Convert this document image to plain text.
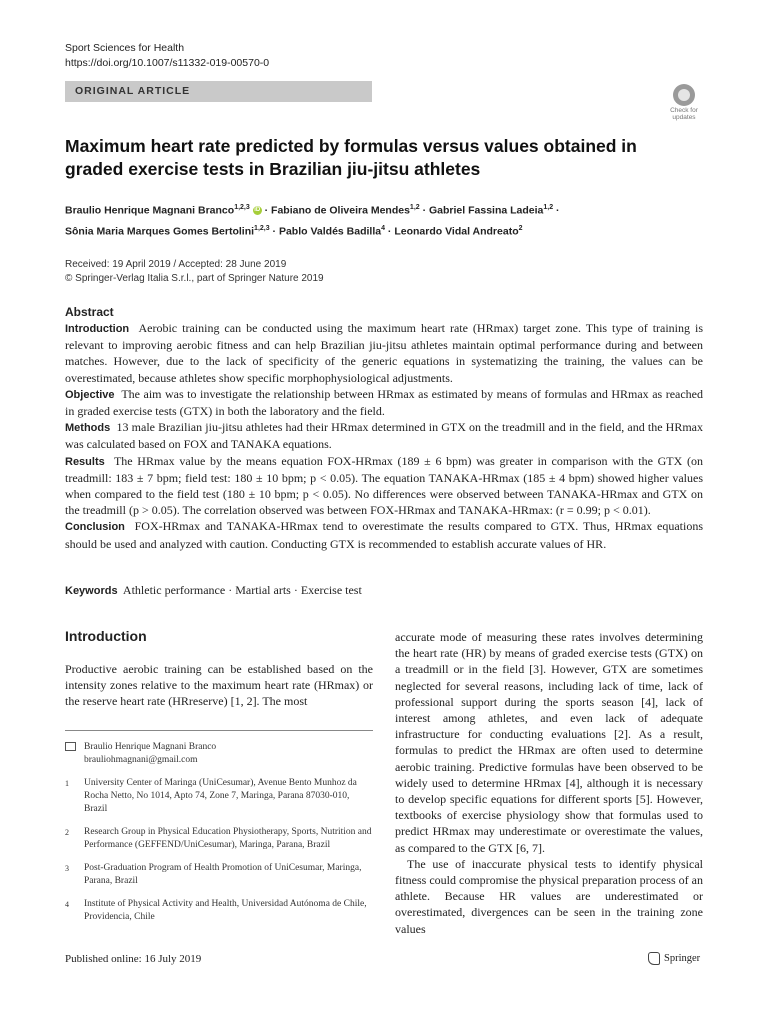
Sport Sciences for Health
https://doi.org/10.1007/s11332-019-00570-0
ORIGINAL ARTICLE
Check for updates
Maximum heart rate predicted by formulas versus values obtained in graded exercise tests in Brazilian jiu-jitsu athletes
Braulio Henrique Magnani Branco$^{1,2,3}$ iD · Fabiano de Oliveira Mendes$^{1,2}$ · Gabriel Fassina Ladeia$^{1,2}$ ·
Sônia Maria Marques Gomes Bertolini$^{1,2,3}$ · Pablo Valdés Badilla$^4$ · Leonardo Vidal Andreato$^2$
Received: 19 April 2019 / Accepted: 28 June 2019
© Springer-Verlag Italia S.r.l., part of Springer Nature 2019
Abstract

Introduction Aerobic training can be conducted using the maximum heart rate (HRmax) target zone. This type of training is relevant to improving aerobic fitness and can help Brazilian jiu-jitsu athletes maintain optimal performance during and between matches. However, due to the lack of specificity of the generic equations in systematizing the training, the values can be overestimated, because athletes show specific morphophysiological adjustments.

Objective The aim was to investigate the relationship between HRmax as estimated by means of formulas and HRmax as reached in graded exercise tests (GTX) in both the laboratory and the field.

Methods 13 male Brazilian jiu-jitsu athletes had their HRmax determined in GTX on the treadmill and in the field, and the HRmax was calculated based on FOX and TANAKA equations.

Results The HRmax value by the means equation FOX-HRmax (189 ± 6 bpm) was greater in comparison with the GTX (on treadmill: 183 ± 7 bpm; field test: 180 ± 10 bpm; p < 0.05). The equation TANAKA-HRmax (185 ± 4 bpm) showed higher values when compared to the field test (180 ± 10 bpm; p < 0.05). No differences were observed between TANAKA-HRmax and GTX on the treadmill (p > 0.05). The correlation observed was between FOX-HRmax and TANAKA-HRmax: (r = 0.99; p < 0.01).

Conclusion FOX-HRmax and TANAKA-HRmax tend to overestimate the results compared to GTX. Thus, HRmax equations should be used and analyzed with caution. Conducting GTX is recommended to establish accurate values of HR.

Keywords Athletic performance · Martial arts · Exercise test
Introduction
Productive aerobic training can be established based on the intensity zones relative to the maximum heart rate (HRmax) or the reserve heart rate (HRreserve) [1, 2]. The most
Braulio Henrique Magnani Branco
brauliohmagnani@gmail.com
1	University Center of Maringa (UniCesumar), Avenue Bento Munhoz da Rocha Netto, No 1014, Apto 74, Zone 7, Maringa, Parana 87030-010, Brazil
2	Research Group in Physical Education Physiotherapy, Sports, Nutrition and Performance (GEFFEND/UniCesumar), Maringa, Parana, Brazil
3	Post-Graduation Program of Health Promotion of UniCesumar, Maringa, Parana, Brazil
4	Institute of Physical Activity and Health, Universidad Autónoma de Chile, Providencia, Chile

accurate mode of measuring these rates involves determining the heart rate (HR) by means of graded exercise tests (GTX) on a treadmill or in the field [3]. However, GTX are sometimes neglected for several reasons, including lack of time, lack of professional support during the sports season [4], lack of interest among athletes, and even lack of adequate infrastructure for conducting evaluations [2]. As a result, formulas to predict the HRmax are often used to determine aerobic training. Predictive formulas have been observed to be widely used to determine HRmax [4], although it is necessary to develop specific equations for different sports [5]. However, textbooks of exercise physiology show that formulas used to predict HRmax may underestimate or overestimate the values, as compared to the GTX [6, 7].

The use of inaccurate physical tests to identify physical fitness could compromise the physical preparation process of an athlete. Because HR values are underestimated or overestimated, divergences can be seen in the training zone values

Published online: 16 July 2019	Springer
